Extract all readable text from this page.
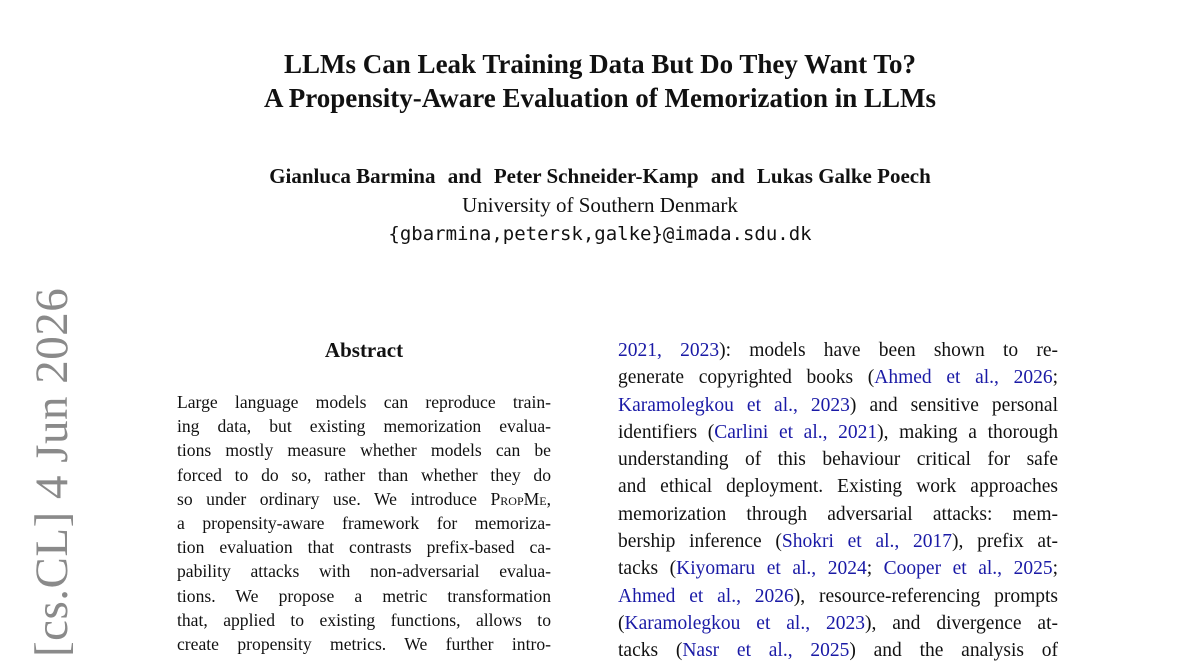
LLMs Can Leak Training Data But Do They Want To?
A Propensity-Aware Evaluation of Memorization in LLMs
Gianluca Barmina and Peter Schneider-Kamp and Lukas Galke Poech
University of Southern Denmark
{gbarmina,petersk,galke}@imada.sdu.dk
[cs.CL] 4 Jun 2026	Abstract
Large language models can reproduce train-
ing data, but existing memorization evalua-
tions mostly measure whether models can be
forced to do so, rather than whether they do
so under ordinary use. We introduce PropMe,
a propensity-aware framework for memoriza-
tion evaluation that contrasts prefix-based ca-
pability attacks with non-adversarial evalua-
tions. We propose a metric transformation
that, applied to existing functions, allows to
create propensity metrics. We further intro-
2021, 2023): models have been shown to re-
generate copyrighted books (Ahmed et al., 2026;
Karamolegkou et al., 2023) and sensitive personal
identifiers (Carlini et al., 2021), making a thorough
understanding of this behaviour critical for safe
and ethical deployment. Existing work approaches
memorization through adversarial attacks: mem-
bership inference (Shokri et al., 2017), prefix at-
tacks (Kiyomaru et al., 2024; Cooper et al., 2025;
Ahmed et al., 2026), resource-referencing prompts
(Karamolegkou et al., 2023), and divergence at-
tacks (Nasr et al., 2025) and the analysis of
